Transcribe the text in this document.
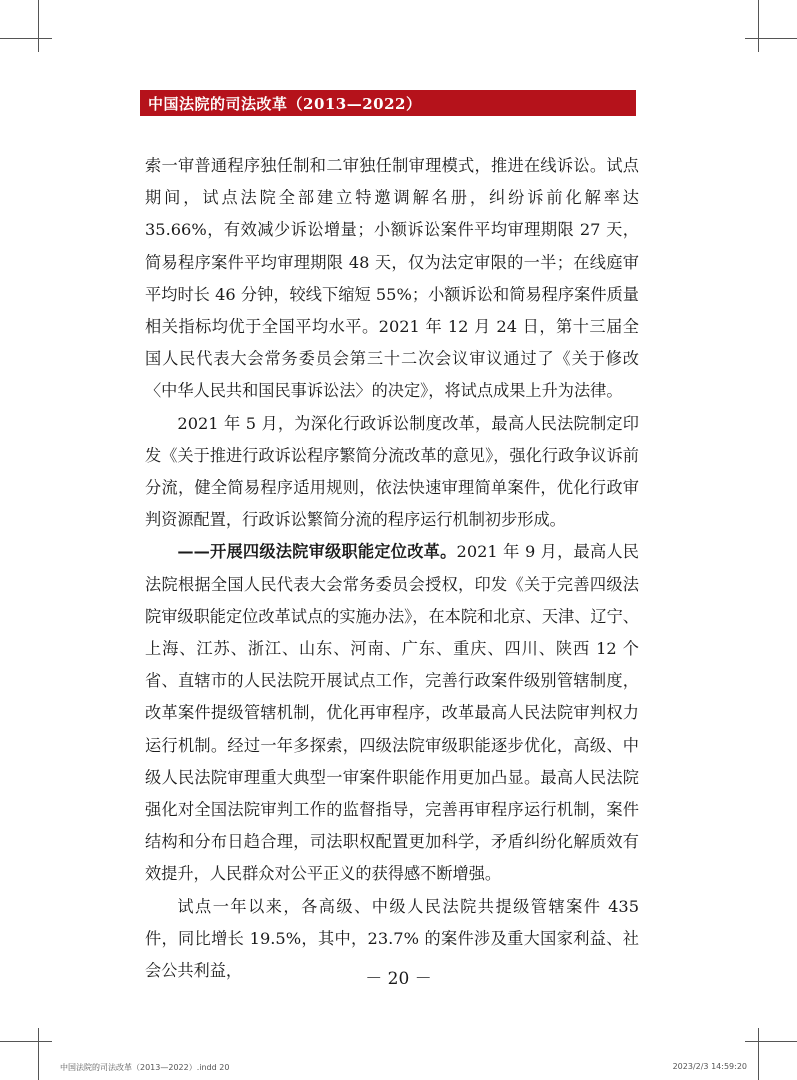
中国法院的司法改革（2013—2022）

索一审普通程序独任制和二审独任制审理模式，推进在线诉讼。试点期间，试点法院全部建立特邀调解名册，纠纷诉前化解率达 35.66%，有效减少诉讼增量；小额诉讼案件平均审理期限 27 天，简易程序案件平均审理期限 48 天，仅为法定审限的一半；在线庭审平均时长 46 分钟，较线下缩短 55%；小额诉讼和简易程序案件质量相关指标均优于全国平均水平。2021 年 12 月 24 日，第十三届全国人民代表大会常务委员会第三十二次会议审议通过了《关于修改〈中华人民共和国民事诉讼法〉的决定》，将试点成果上升为法律。

2021 年 5 月，为深化行政诉讼制度改革，最高人民法院制定印发《关于推进行政诉讼程序繁简分流改革的意见》，强化行政争议诉前分流，健全简易程序适用规则，依法快速审理简单案件，优化行政审判资源配置，行政诉讼繁简分流的程序运行机制初步形成。

——开展四级法院审级职能定位改革。2021 年 9 月，最高人民法院根据全国人民代表大会常务委员会授权，印发《关于完善四级法院审级职能定位改革试点的实施办法》，在本院和北京、天津、辽宁、上海、江苏、浙江、山东、河南、广东、重庆、四川、陕西 12 个省、直辖市的人民法院开展试点工作，完善行政案件级别管辖制度，改革案件提级管辖机制，优化再审程序，改革最高人民法院审判权力运行机制。经过一年多探索，四级法院审级职能逐步优化，高级、中级人民法院审理重大典型一审案件职能作用更加凸显。最高人民法院强化对全国法院审判工作的监督指导，完善再审程序运行机制，案件结构和分布日趋合理，司法职权配置更加科学，矛盾纠纷化解质效有效提升，人民群众对公平正义的获得感不断增强。

试点一年以来，各高级、中级人民法院共提级管辖案件 435 件，同比增长 19.5%，其中，23.7% 的案件涉及重大国家利益、社会公共利益，	－ 20 －
中国法院的司法改革（2013—2022）.indd 20	2023/2/3 14:59:20
